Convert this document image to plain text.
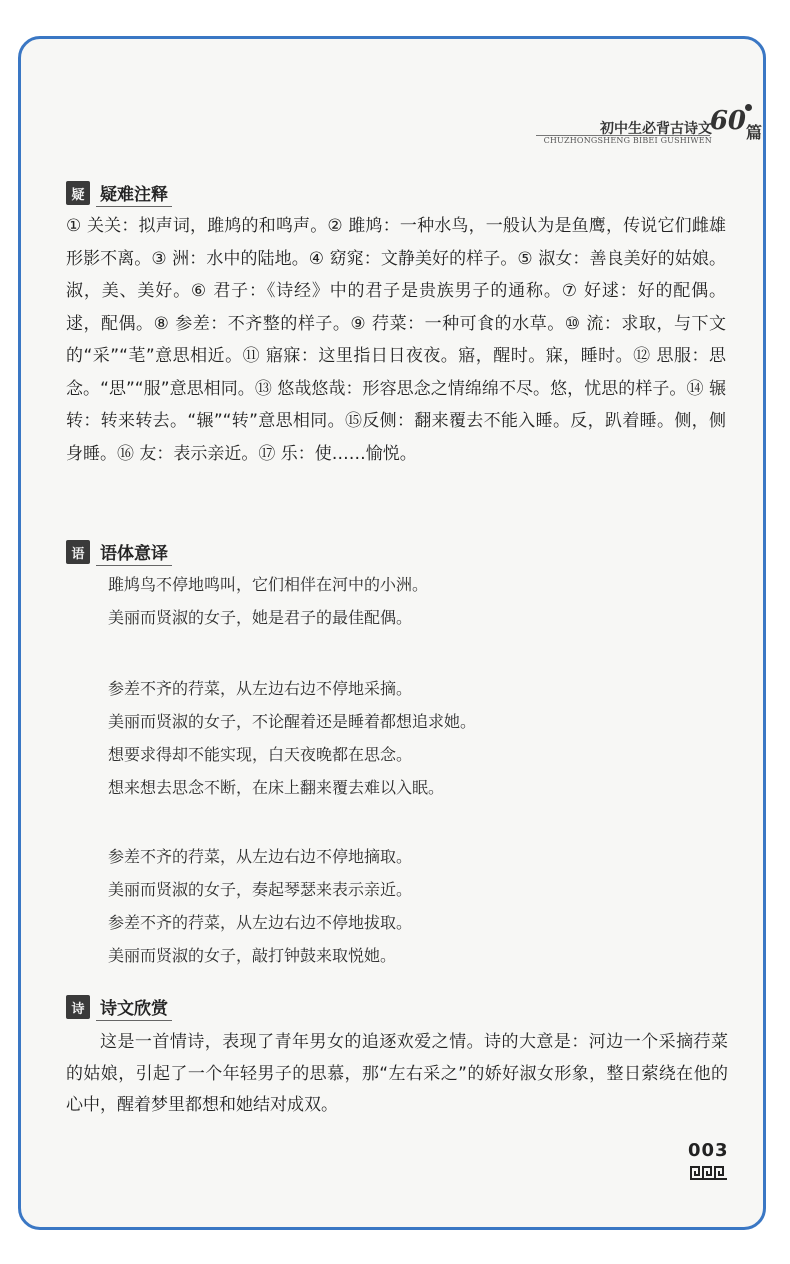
初中生必背古诗文
CHUZHONGSHENG BIBEI GUSHIWEN
60 篇
疑 疑难注释
① 关关：拟声词，雎鸠的和鸣声。② 雎鸠：一种水鸟，一般认为是鱼鹰，传说它们雌雄形影不离。③ 洲：水中的陆地。④ 窈窕：文静美好的样子。⑤ 淑女：善良美好的姑娘。淑，美、美好。⑥ 君子：《诗经》中的君子是贵族男子的通称。⑦ 好逑：好的配偶。逑，配偶。⑧ 参差：不齐整的样子。⑨ 荇菜：一种可食的水草。⑩ 流：求取，与下文的“采”“芼”意思相近。⑪ 寤寐：这里指日日夜夜。寤，醒时。寐，睡时。⑫ 思服：思念。“思”“服”意思相同。⑬ 悠哉悠哉：形容思念之情绵绵不尽。悠，忧思的样子。⑭ 辗转：转来转去。“辗”“转”意思相同。⑮反侧：翻来覆去不能入睡。反，趴着睡。侧，侧身睡。⑯ 友：表示亲近。⑰ 乐：使……愉悦。
语 语体意译
雎鸠鸟不停地鸣叫，它们相伴在河中的小洲。
美丽而贤淑的女子，她是君子的最佳配偶。
参差不齐的荇菜，从左边右边不停地采摘。
美丽而贤淑的女子，不论醒着还是睡着都想追求她。
想要求得却不能实现，白天夜晚都在思念。
想来想去思念不断，在床上翻来覆去难以入眠。
参差不齐的荇菜，从左边右边不停地摘取。
美丽而贤淑的女子，奏起琴瑟来表示亲近。
参差不齐的荇菜，从左边右边不停地拔取。
美丽而贤淑的女子，敲打钟鼓来取悦她。
诗 诗文欣赏
这是一首情诗，表现了青年男女的追逐欢爱之情。诗的大意是：河边一个采摘荇菜的姑娘，引起了一个年轻男子的思慕，那“左右采之”的娇好淑女形象，整日萦绕在他的心中，醒着梦里都想和她结对成双。
003
